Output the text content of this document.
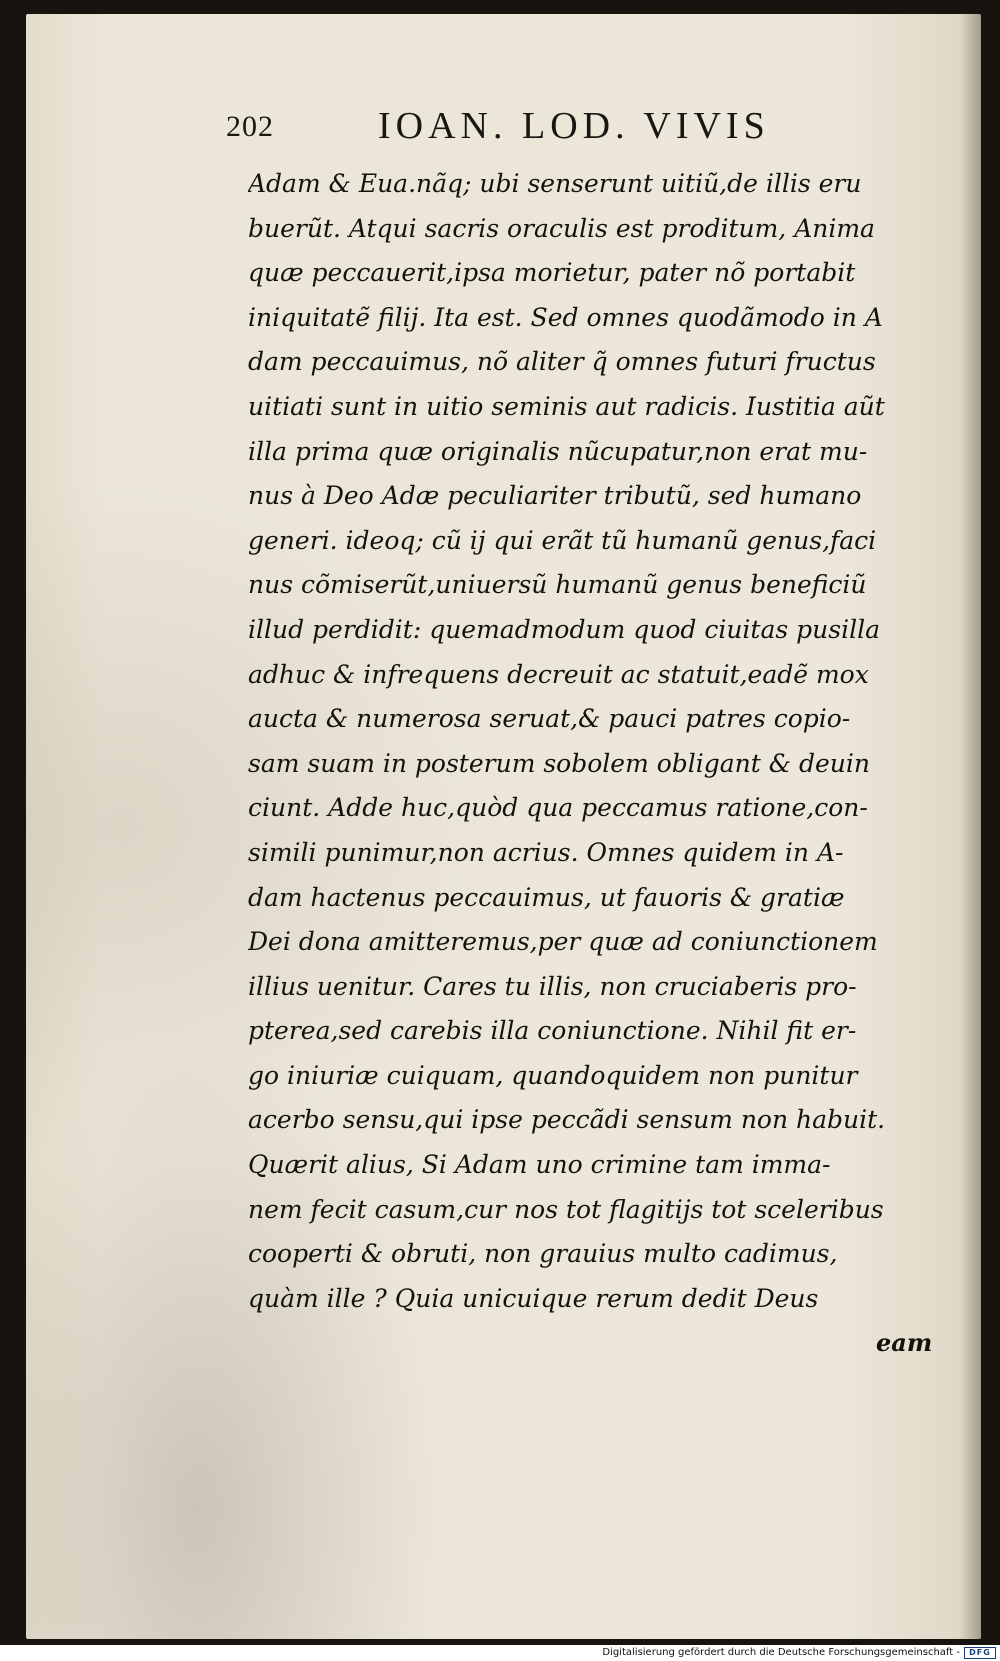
202	IOAN. LOD. VIVIS
Adam & Eua.nãq; ubi senserunt uitiũ,de illis eru
buerũt. Atqui sacris oraculis est proditum, Anima
quæ peccauerit,ipsa morietur, pater nõ portabit
iniquitatẽ filij. Ita est. Sed omnes quodãmodo in A
dam peccauimus, nõ aliter q̃ omnes futuri fructus
uitiati sunt in uitio seminis aut radicis. Iustitia aũt
illa prima quæ originalis nũcupatur,non erat mu-
nus à Deo Adæ peculiariter tributũ, sed humano
generi. ideoq; cũ ij qui erãt tũ humanũ genus,faci
nus cõmiserũt,uniuersũ humanũ genus beneficiũ
illud perdidit: quemadmodum quod ciuitas pusilla
adhuc & infrequens decreuit ac statuit,eadẽ mox
aucta & numerosa seruat,& pauci patres copio-
sam suam in posterum sobolem obligant & deuin
ciunt. Adde huc,quòd qua peccamus ratione,con-
simili punimur,non acrius. Omnes quidem in A-
dam hactenus peccauimus, ut fauoris & gratiæ
Dei dona amitteremus,per quæ ad coniunctionem
illius uenitur. Cares tu illis, non cruciaberis pro-
pterea,sed carebis illa coniunctione. Nihil fit er-
go iniuriæ cuiquam, quandoquidem non punitur
acerbo sensu,qui ipse peccãdi sensum non habuit.
Quærit alius, Si Adam uno crimine tam imma-
nem fecit casum,cur nos tot flagitijs tot sceleribus
cooperti & obruti, non grauius multo cadimus,
quàm ille ? Quia unicuique rerum dedit Deus
eam
Digitalisierung gefördert durch die Deutsche Forschungsgemeinschaft -	DFG
